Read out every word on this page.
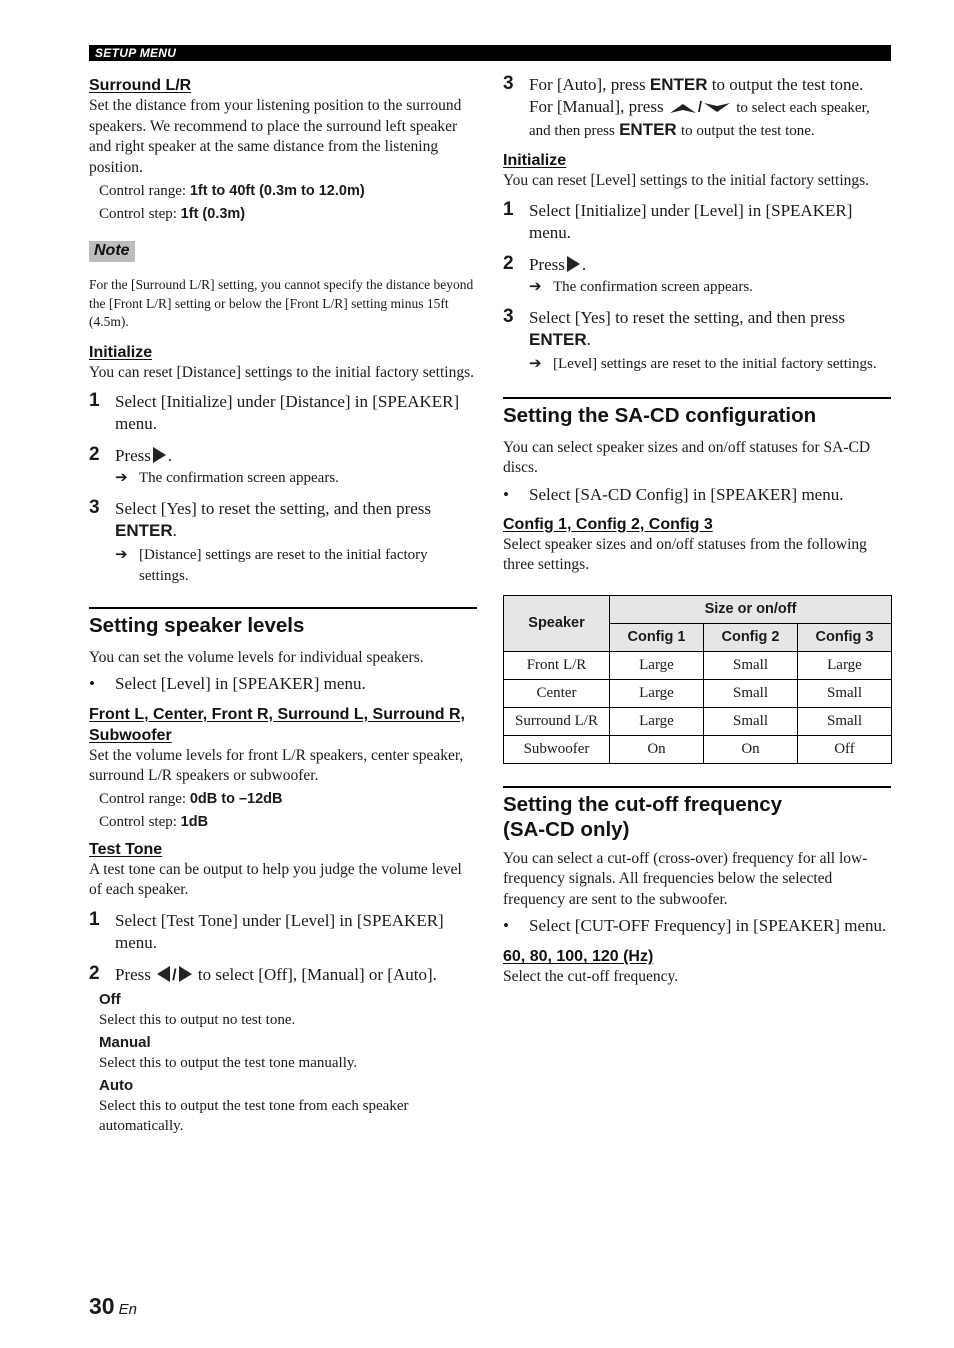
SETUP MENU
Surround L/R

Set the distance from your listening position to the surround speakers. We recommend to place the surround left speaker and right speaker at the same distance from the listening position.

Control range: 1ft to 40ft (0.3m to 12.0m)
Control step: 1ft (0.3m)
Note
For the [Surround L/R] setting, you cannot specify the distance beyond the [Front L/R] setting or below the [Front L/R] setting minus 15ft (4.5m).
Initialize

You can reset [Distance] settings to the initial factory settings.

1 Select [Initialize] under [Distance] in [SPEAKER] menu.
2 Press .
➔ The confirmation screen appears.
3 Select [Yes] to reset the setting, and then press ENTER.
➔ [Distance] settings are reset to the initial factory settings.
Setting speaker levels

You can set the volume levels for individual speakers.

• Select [Level] in [SPEAKER] menu.
Front L, Center, Front R, Surround L, Surround R, Subwoofer

Set the volume levels for front L/R speakers, center speaker, surround L/R speakers or subwoofer.

Control range: 0dB to –12dB
Control step: 1dB
Test Tone

A test tone can be output to help you judge the volume level of each speaker.

1 Select [Test Tone] under [Level] in [SPEAKER] menu.
2 Press / to select [Off], [Manual] or [Auto].
Off
Select this to output no test tone.
Manual
Select this to output the test tone manually.
Auto
Select this to output the test tone from each speaker automatically.
3 For [Auto], press ENTER to output the test tone.
For [Manual], press / to select each speaker, and then press ENTER to output the test tone.
Initialize

You can reset [Level] settings to the initial factory settings.

1 Select [Initialize] under [Level] in [SPEAKER] menu.
2 Press .
➔ The confirmation screen appears.
3 Select [Yes] to reset the setting, and then press ENTER.
➔ [Level] settings are reset to the initial factory settings.
Setting the SA-CD configuration

You can select speaker sizes and on/off statuses for SA-CD discs.

• Select [SA-CD Config] in [SPEAKER] menu.
Config 1, Config 2, Config 3

Select speaker sizes and on/off statuses from the following three settings.

Speaker	Size or on/off		
	Config 1	Config 2	Config 3
Front L/R	Large	Small	Large
Center	Large	Small	Small
Surround L/R	Large	Small	Small
Subwoofer	On	On	Off
Setting the cut-off frequency
(SA-CD only)

You can select a cut-off (cross-over) frequency for all low-frequency signals. All frequencies below the selected frequency are sent to the subwoofer.

• Select [CUT-OFF Frequency] in [SPEAKER] menu.
60, 80, 100, 120 (Hz)

Select the cut-off frequency.

30 En
